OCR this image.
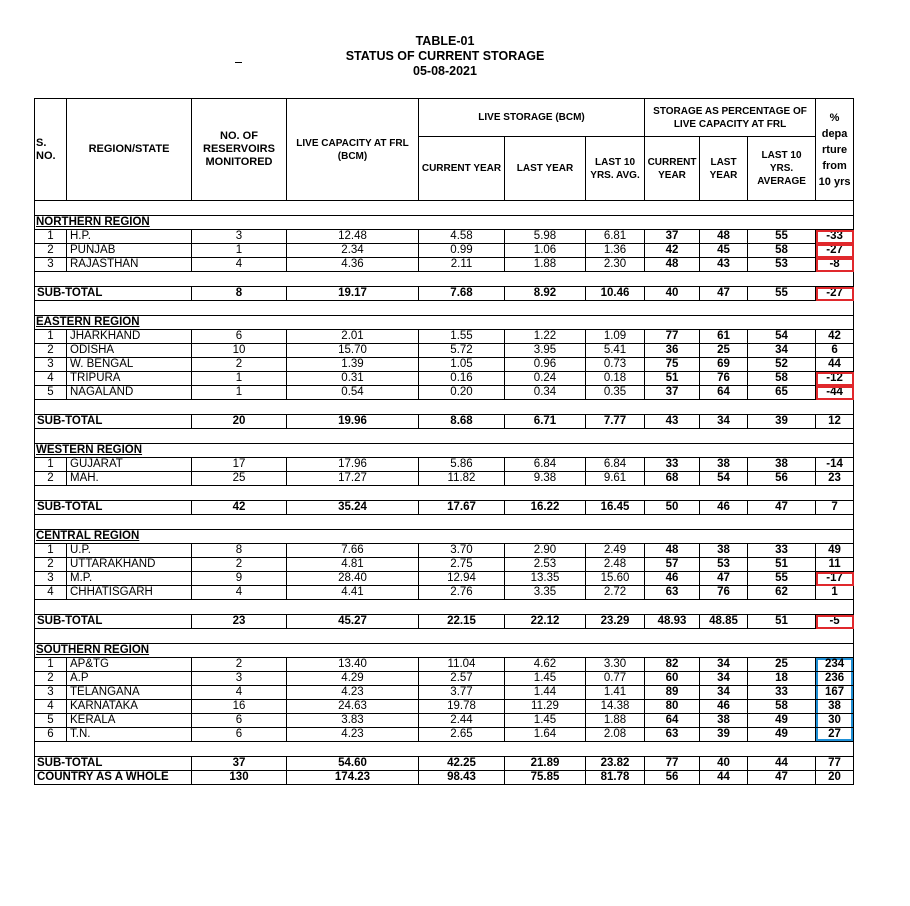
TABLE-01

STATUS OF CURRENT STORAGE

05-08-2021

S. NO.	REGION/STATE	NO. OF RESERVOIRS MONITORED	LIVE CAPACITY AT FRL (BCM)	LIVE STORAGE (BCM)			STORAGE AS PERCENTAGE OF LIVE CAPACITY AT FRL			% depa rture from 10 yrs
				CURRENT YEAR	LAST YEAR	LAST 10 YRS. AVG.	CURRENT YEAR	LAST YEAR	LAST 10 YRS. AVERAGE	

NORTHERN REGION										
1	H.P.	3	12.48	4.58	5.98	6.81	37	48	55	-33
2	PUNJAB	1	2.34	0.99	1.06	1.36	42	45	58	-27
3	RAJASTHAN	4	4.36	2.11	1.88	2.30	48	43	53	-8

SUB-TOTAL		8	19.17	7.68	8.92	10.46	40	47	55	-27

EASTERN REGION										
1	JHARKHAND	6	2.01	1.55	1.22	1.09	77	61	54	42
2	ODISHA	10	15.70	5.72	3.95	5.41	36	25	34	6
3	W. BENGAL	2	1.39	1.05	0.96	0.73	75	69	52	44
4	TRIPURA	1	0.31	0.16	0.24	0.18	51	76	58	-12
5	NAGALAND	1	0.54	0.20	0.34	0.35	37	64	65	-44

SUB-TOTAL		20	19.96	8.68	6.71	7.77	43	34	39	12

WESTERN REGION										
1	GUJARAT	17	17.96	5.86	6.84	6.84	33	38	38	-14
2	MAH.	25	17.27	11.82	9.38	9.61	68	54	56	23

SUB-TOTAL		42	35.24	17.67	16.22	16.45	50	46	47	7

CENTRAL REGION										
1	U.P.	8	7.66	3.70	2.90	2.49	48	38	33	49
2	UTTARAKHAND	2	4.81	2.75	2.53	2.48	57	53	51	11
3	M.P.	9	28.40	12.94	13.35	15.60	46	47	55	-17
4	CHHATISGARH	4	4.41	2.76	3.35	2.72	63	76	62	1

SUB-TOTAL		23	45.27	22.15	22.12	23.29	48.93	48.85	51	-5

SOUTHERN REGION										
1	AP&TG	2	13.40	11.04	4.62	3.30	82	34	25	234
2	A.P	3	4.29	2.57	1.45	0.77	60	34	18	236
3	TELANGANA	4	4.23	3.77	1.44	1.41	89	34	33	167
4	KARNATAKA	16	24.63	19.78	11.29	14.38	80	46	58	38
5	KERALA	6	3.83	2.44	1.45	1.88	64	38	49	30
6	T.N.	6	4.23	2.65	1.64	2.08	63	39	49	27

SUB-TOTAL		37	54.60	42.25	21.89	23.82	77	40	44	77
COUNTRY AS A WHOLE		130	174.23	98.43	75.85	81.78	56	44	47	20
